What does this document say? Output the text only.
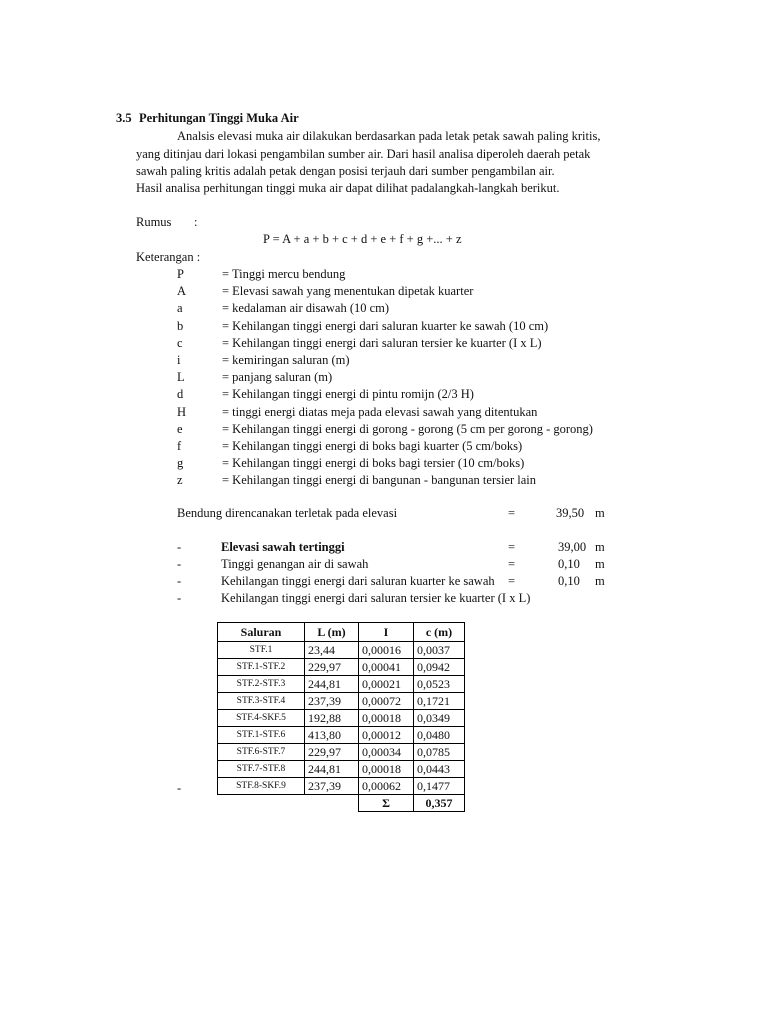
3.5 Perhitungan Tinggi Muka Air
Analsis elevasi muka air dilakukan berdasarkan pada letak petak sawah paling kritis,
yang ditinjau dari lokasi pengambilan sumber air. Dari hasil analisa diperoleh daerah petak
sawah paling kritis adalah petak dengan posisi terjauh dari sumber pengambilan air.
Hasil analisa perhitungan tinggi muka air dapat dilihat padalangkah-langkah berikut.
Rumus :
P = A + a + b + c + d + e + f + g +... + z
Keterangan :
P	= Tinggi mercu bendung
A	= Elevasi sawah yang menentukan dipetak kuarter
a	= kedalaman air disawah (10 cm)
b	= Kehilangan tinggi energi dari saluran kuarter ke sawah (10 cm)
c	= Kehilangan tinggi energi dari saluran tersier ke kuarter (I x L)
i	= kemiringan saluran (m)
L	= panjang saluran (m)
d	= Kehilangan tinggi energi di pintu romijn (2/3 H)
H	= tinggi energi diatas meja pada elevasi sawah yang ditentukan
e	= Kehilangan tinggi energi di gorong - gorong (5 cm per gorong - gorong)
f	= Kehilangan tinggi energi di boks bagi kuarter (5 cm/boks)
g	= Kehilangan tinggi energi di boks bagi tersier (10 cm/boks)
z	= Kehilangan tinggi energi di bangunan - bangunan tersier lain
Bendung direncanakan terletak pada elevasi	=	39,50 m
-	Elevasi sawah tertinggi	=	39,00 m
-	Tinggi genangan air di sawah	=	0,10 m
-	Kehilangan tinggi energi dari saluran kuarter ke sawah =	0,10 m
-	Kehilangan tinggi energi dari saluran tersier ke kuarter (I x L)
Saluran	L (m)	I	c (m)
STF.1	23,44	0,00016	0,0037
STF.1-STF.2	229,97	0,00041	0,0942
STF.2-STF.3	244,81	0,00021	0,0523
STF.3-STF.4	237,39	0,00072	0,1721
STF.4-SKF.5	192,88	0,00018	0,0349
STF.1-STF.6	413,80	0,00012	0,0480
STF.6-STF.7	229,97	0,00034	0,0785
STF.7-STF.8	244,81	0,00018	0,0443
STF.8-SKF.9	237,39	0,00062	0,1477
		Σ	0,357
-
